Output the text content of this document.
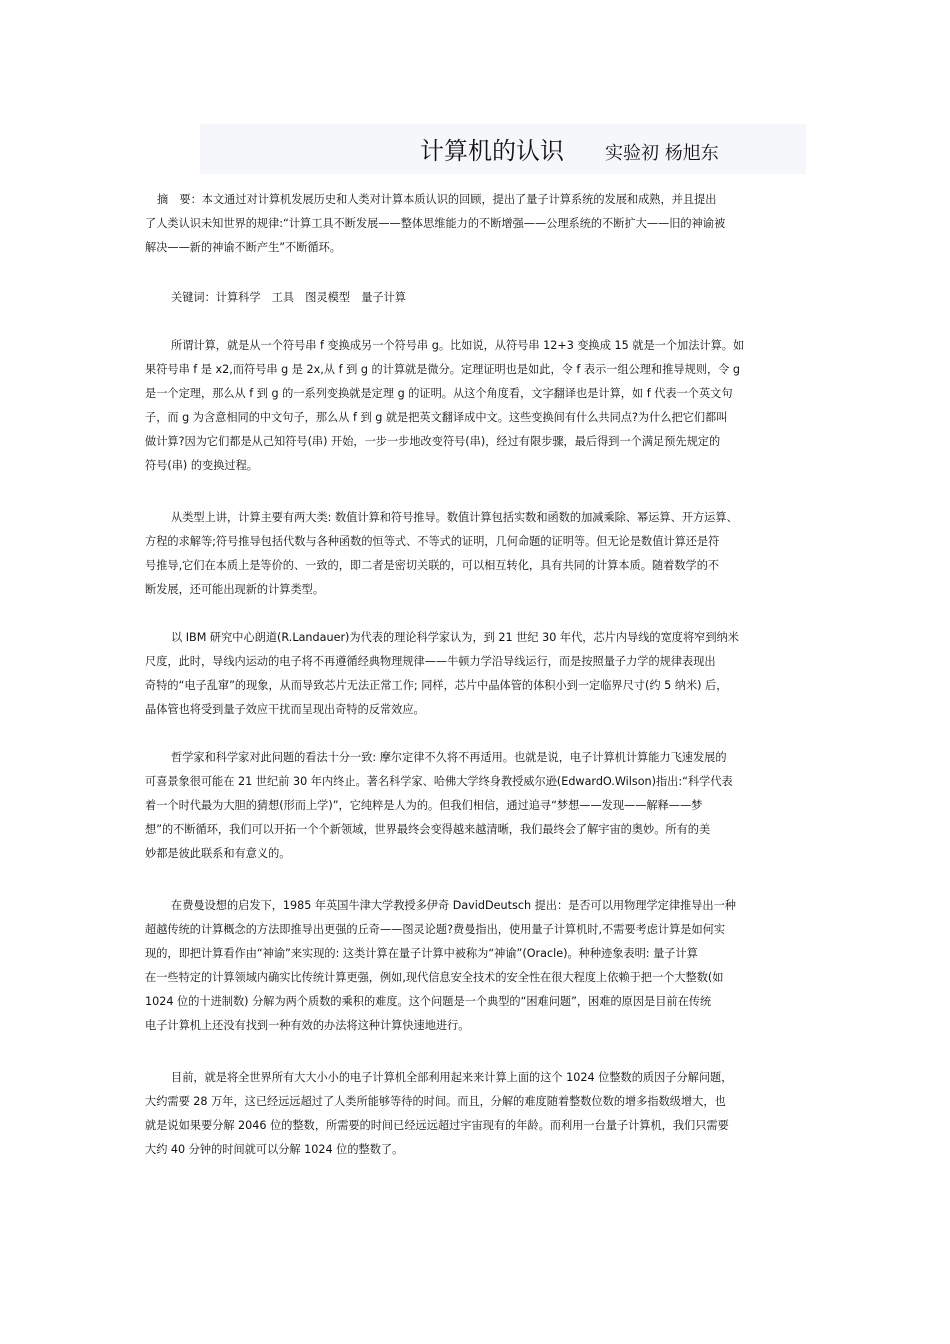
计算机的认识 实验初 杨旭东
摘　要：本文通过对计算机发展历史和人类对计算本质认识的回顾，提出了量子计算系统的发展和成熟，并且提出
了人类认识未知世界的规律:“计算工具不断发展——整体思维能力的不断增强——公理系统的不断扩大——旧的神谕被
解决——新的神谕不断产生”不断循环。
关键词：计算科学　工具　图灵模型　量子计算
所谓计算，就是从一个符号串 f 变换成另一个符号串 g。比如说，从符号串 12+3 变换成 15 就是一个加法计算。如
果符号串 f 是 x2,而符号串 g 是 2x,从 f 到 g 的计算就是微分。定理证明也是如此，令 f 表示一组公理和推导规则，令 g
是一个定理，那么从 f 到 g 的一系列变换就是定理 g 的证明。从这个角度看，文字翻译也是计算，如 f 代表一个英文句
子，而 g 为含意相同的中文句子，那么从 f 到 g 就是把英文翻译成中文。这些变换间有什么共同点?为什么把它们都叫
做计算?因为它们都是从己知符号(串) 开始，一步一步地改变符号(串)，经过有限步骤，最后得到一个满足预先规定的
符号(串) 的变换过程。
从类型上讲，计算主要有两大类: 数值计算和符号推导。数值计算包括实数和函数的加减乘除、幂运算、开方运算、
方程的求解等;符号推导包括代数与各种函数的恒等式、不等式的证明，几何命题的证明等。但无论是数值计算还是符
号推导,它们在本质上是等价的、一致的，即二者是密切关联的，可以相互转化，具有共同的计算本质。随着数学的不
断发展，还可能出现新的计算类型。
以 IBM 研究中心朗道(R.Landauer)为代表的理论科学家认为，到 21 世纪 30 年代，芯片内导线的宽度将窄到纳米
尺度，此时，导线内运动的电子将不再遵循经典物理规律——牛顿力学沿导线运行，而是按照量子力学的规律表现出
奇特的“电子乱窜”的现象，从而导致芯片无法正常工作; 同样，芯片中晶体管的体积小到一定临界尺寸(约 5 纳米) 后，
晶体管也将受到量子效应干扰而呈现出奇特的反常效应。
哲学家和科学家对此问题的看法十分一致: 摩尔定律不久将不再适用。也就是说，电子计算机计算能力飞速发展的
可喜景象很可能在 21 世纪前 30 年内终止。著名科学家、哈佛大学终身教授威尔逊(EdwardO.Wilson)指出:“科学代表
着一个时代最为大胆的猜想(形而上学)”，它纯粹是人为的。但我们相信，通过追寻“梦想——发现——解释——梦
想”的不断循环，我们可以开拓一个个新领域，世界最终会变得越来越清晰，我们最终会了解宇宙的奥妙。所有的美
妙都是彼此联系和有意义的。
在费曼设想的启发下，1985 年英国牛津大学教授多伊奇 DavidDeutsch 提出：是否可以用物理学定律推导出一种
超越传统的计算概念的方法即推导出更强的丘奇——图灵论题?费曼指出，使用量子计算机时,不需要考虑计算是如何实
现的，即把计算看作由“神谕”来实现的: 这类计算在量子计算中被称为“神谕”(Oracle)。种种迹象表明: 量子计算
在一些特定的计算领域内确实比传统计算更强，例如,现代信息安全技术的安全性在很大程度上依赖于把一个大整数(如
1024 位的十进制数) 分解为两个质数的乘积的难度。这个问题是一个典型的“困难问题”，困难的原因是目前在传统
电子计算机上还没有找到一种有效的办法将这种计算快速地进行。
目前，就是将全世界所有大大小小的电子计算机全部利用起来来计算上面的这个 1024 位整数的质因子分解问题，
大约需要 28 万年，这已经远远超过了人类所能够等待的时间。而且，分解的难度随着整数位数的增多指数级增大，也
就是说如果要分解 2046 位的整数，所需要的时间已经远远超过宇宙现有的年龄。而利用一台量子计算机，我们只需要
大约 40 分钟的时间就可以分解 1024 位的整数了。
